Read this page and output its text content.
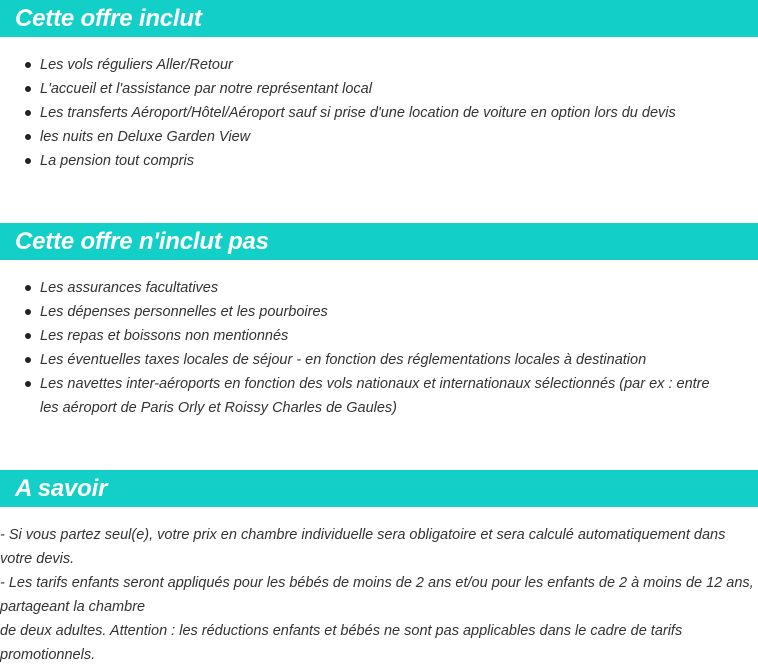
Cette offre inclut
Les vols réguliers Aller/Retour
L'accueil et l'assistance par notre représentant local
Les transferts Aéroport/Hôtel/Aéroport sauf si prise d'une location de voiture en option lors du devis
les nuits en Deluxe Garden View
La pension tout compris
Cette offre n'inclut pas
Les assurances facultatives
Les dépenses personnelles et les pourboires
Les repas et boissons non mentionnés
Les éventuelles taxes locales de séjour - en fonction des réglementations locales à destination
Les navettes inter-aéroports en fonction des vols nationaux et internationaux sélectionnés (par ex : entre les aéroport de Paris Orly et Roissy Charles de Gaules)
A savoir

- Si vous partez seul(e), votre prix en chambre individuelle sera obligatoire et sera calculé automatiquement dans votre devis.

- Les tarifs enfants seront appliqués pour les bébés de moins de 2 ans et/ou pour les enfants de 2 à moins de 12 ans, partageant la chambre

de deux adultes. Attention : les réductions enfants et bébés ne sont pas applicables dans le cadre de tarifs promotionnels.
